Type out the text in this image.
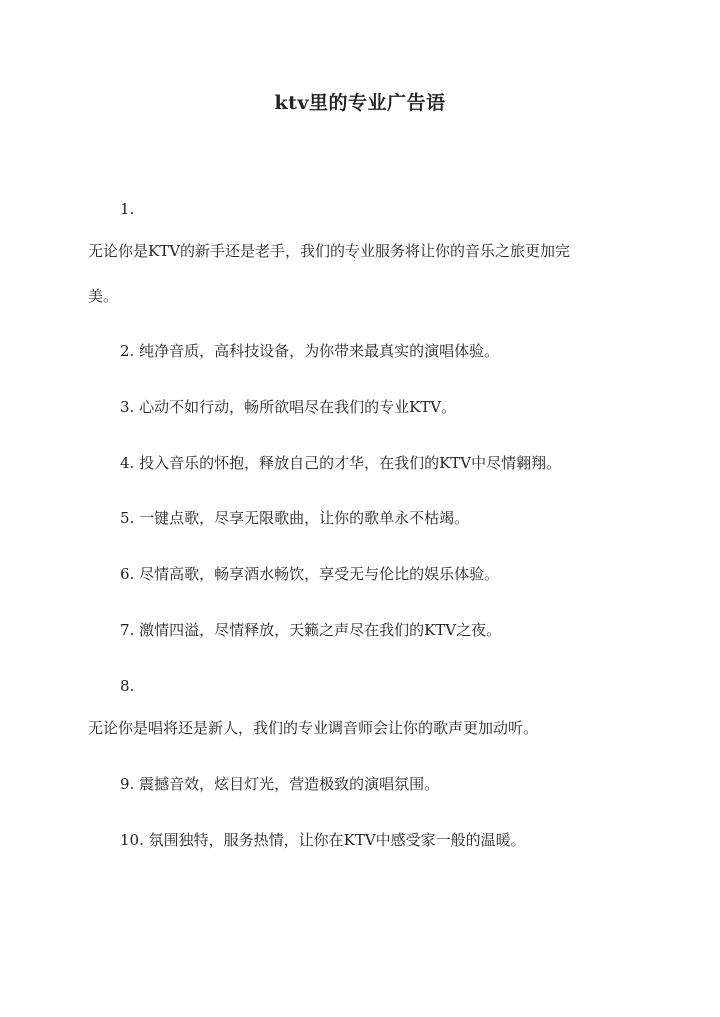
ktv里的专业广告语
1.
无论你是KTV的新手还是老手，我们的专业服务将让你的音乐之旅更加完
美。
2. 纯净音质，高科技设备，为你带来最真实的演唱体验。
3. 心动不如行动，畅所欲唱尽在我们的专业KTV。
4. 投入音乐的怀抱，释放自己的才华，在我们的KTV中尽情翱翔。
5. 一键点歌，尽享无限歌曲，让你的歌单永不枯竭。
6. 尽情高歌，畅享酒水畅饮，享受无与伦比的娱乐体验。
7. 激情四溢，尽情释放，天籁之声尽在我们的KTV之夜。
8.
无论你是唱将还是新人，我们的专业调音师会让你的歌声更加动听。
9. 震撼音效，炫目灯光，营造极致的演唱氛围。
10. 氛围独特，服务热情，让你在KTV中感受家一般的温暖。
